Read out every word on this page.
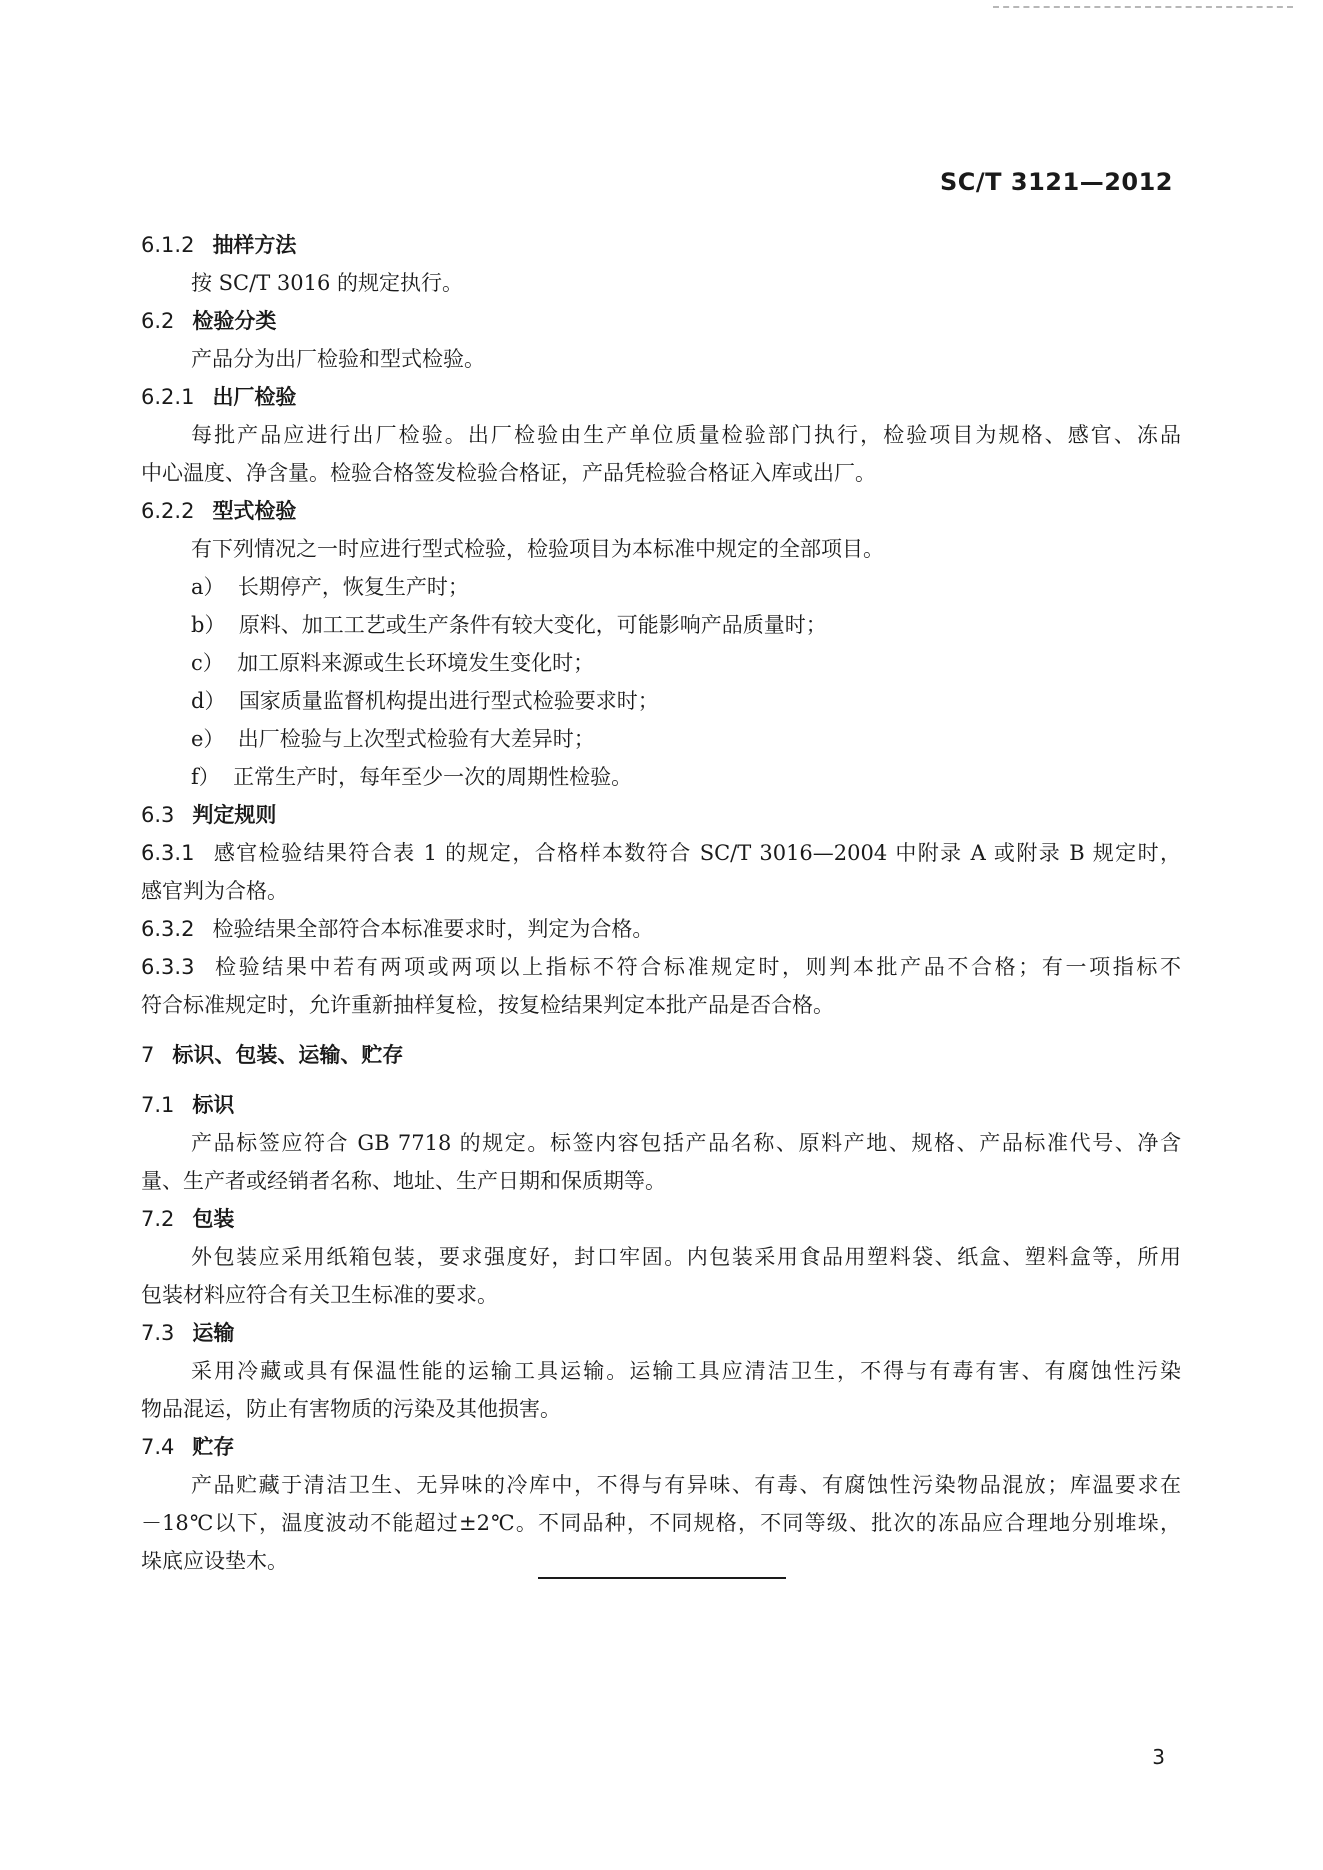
SC/T 3121—2012
6.1.2 抽样方法
按 SC/T 3016 的规定执行。
6.2 检验分类
产品分为出厂检验和型式检验。
6.2.1 出厂检验
每批产品应进行出厂检验。出厂检验由生产单位质量检验部门执行，检验项目为规格、感官、冻品
中心温度、净含量。检验合格签发检验合格证，产品凭检验合格证入库或出厂。
6.2.2 型式检验
有下列情况之一时应进行型式检验，检验项目为本标准中规定的全部项目。
a） 长期停产，恢复生产时；
b） 原料、加工工艺或生产条件有较大变化，可能影响产品质量时；
c） 加工原料来源或生长环境发生变化时；
d） 国家质量监督机构提出进行型式检验要求时；
e） 出厂检验与上次型式检验有大差异时；
f） 正常生产时，每年至少一次的周期性检验。
6.3 判定规则
6.3.1 感官检验结果符合表 1 的规定，合格样本数符合 SC/T 3016—2004 中附录 A 或附录 B 规定时，
感官判为合格。
6.3.2 检验结果全部符合本标准要求时，判定为合格。
6.3.3 检验结果中若有两项或两项以上指标不符合标准规定时，则判本批产品不合格；有一项指标不
符合标准规定时，允许重新抽样复检，按复检结果判定本批产品是否合格。
7 标识、包装、运输、贮存
7.1 标识
产品标签应符合 GB 7718 的规定。标签内容包括产品名称、原料产地、规格、产品标准代号、净含
量、生产者或经销者名称、地址、生产日期和保质期等。
7.2 包装
外包装应采用纸箱包装，要求强度好，封口牢固。内包装采用食品用塑料袋、纸盒、塑料盒等，所用
包装材料应符合有关卫生标准的要求。
7.3 运输
采用冷藏或具有保温性能的运输工具运输。运输工具应清洁卫生，不得与有毒有害、有腐蚀性污染
物品混运，防止有害物质的污染及其他损害。
7.4 贮存
产品贮藏于清洁卫生、无异味的冷库中，不得与有异味、有毒、有腐蚀性污染物品混放；库温要求在
－18℃以下，温度波动不能超过±2℃。不同品种，不同规格，不同等级、批次的冻品应合理地分别堆垛，
垛底应设垫木。
3
